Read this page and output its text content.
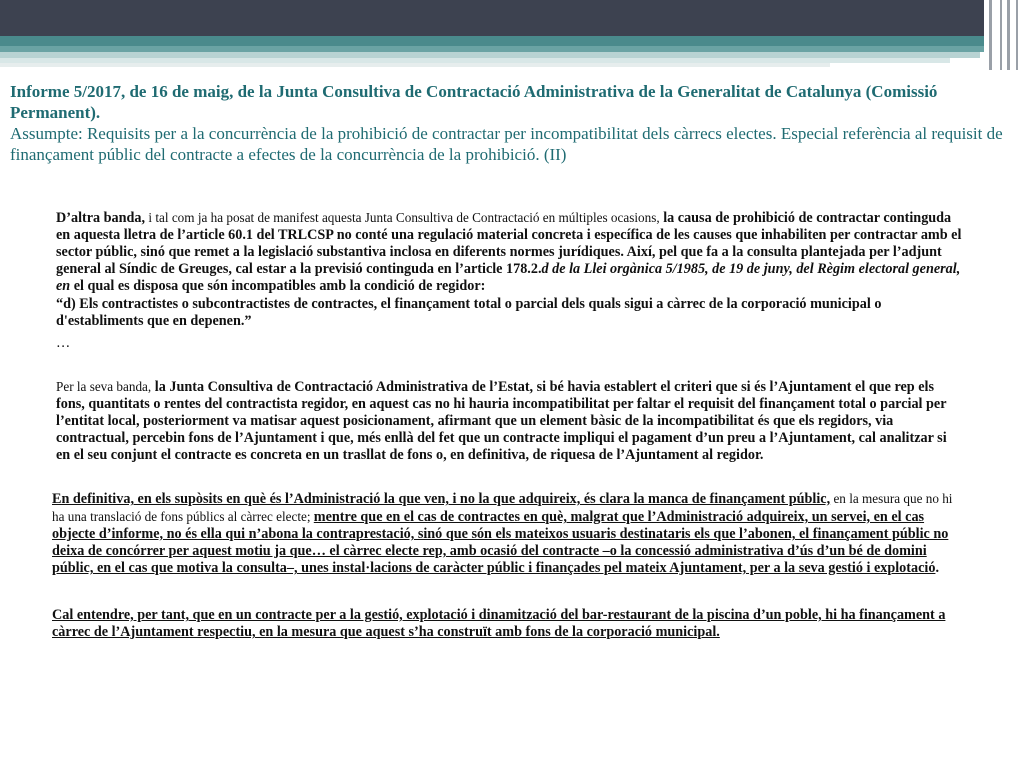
Informe 5/2017, de 16 de maig, de la Junta Consultiva de Contractació Administrativa de la Generalitat de Catalunya (Comissió Permanent).
Assumpte: Requisits per a la concurrència de la prohibició de contractar per incompatibilitat dels càrrecs electes. Especial referència al requisit de finançament públic del contracte a efectes de la concurrència de la prohibició. (II)

D’altra banda, i tal com ja ha posat de manifest aquesta Junta Consultiva de Contractació en múltiples ocasions, la causa de prohibició de contractar continguda en aquesta lletra de l’article 60.1 del TRLCSP no conté una regulació material concreta i específica de les causes que inhabiliten per contractar amb el sector públic, sinó que remet a la legislació substantiva inclosa en diferents normes jurídiques. Així, pel que fa a la consulta plantejada per l’adjunt general al Síndic de Greuges, cal estar a la previsió continguda en l’article 178.2.d de la Llei orgànica 5/1985, de 19 de juny, del Règim electoral general, en el qual es disposa que són incompatibles amb la condició de regidor:

“d) Els contractistes o subcontractistes de contractes, el finançament total o parcial dels quals sigui a càrrec de la corporació municipal o d'establiments que en depenen.”

…

Per la seva banda, la Junta Consultiva de Contractació Administrativa de l’Estat, si bé havia establert el criteri que si és l’Ajuntament el que rep els fons, quantitats o rentes del contractista regidor, en aquest cas no hi hauria incompatibilitat per faltar el requisit del finançament total o parcial per l’entitat local, posteriorment va matisar aquest posicionament, afirmant que un element bàsic de la incompatibilitat és que els regidors, via contractual, percebin fons de l’Ajuntament i que, més enllà del fet que un contracte impliqui el pagament d’un preu a l’Ajuntament, cal analitzar si en el seu conjunt el contracte es concreta en un trasllat de fons o, en definitiva, de riquesa de l’Ajuntament al regidor.

En definitiva, en els supòsits en què és l’Administració la que ven, i no la que adquireix, és clara la manca de finançament públic, en la mesura que no hi ha una translació de fons públics al càrrec electe; mentre que en el cas de contractes en què, malgrat que l’Administració adquireix, un servei, en el cas objecte d’informe, no és ella qui n’abona la contraprestació, sinó que són els mateixos usuaris destinataris els que l’abonen, el finançament públic no deixa de concórrer per aquest motiu ja que… el càrrec electe rep, amb ocasió del contracte –o la concessió administrativa d’ús d’un bé de domini públic, en el cas que motiva la consulta–, unes instal·lacions de caràcter públic i finançades pel mateix Ajuntament, per a la seva gestió i explotació.

Cal entendre, per tant, que en un contracte per a la gestió, explotació i dinamització del bar-restaurant de la piscina d’un poble, hi ha finançament a càrrec de l’Ajuntament respectiu, en la mesura que aquest s’ha construït amb fons de la corporació municipal.
